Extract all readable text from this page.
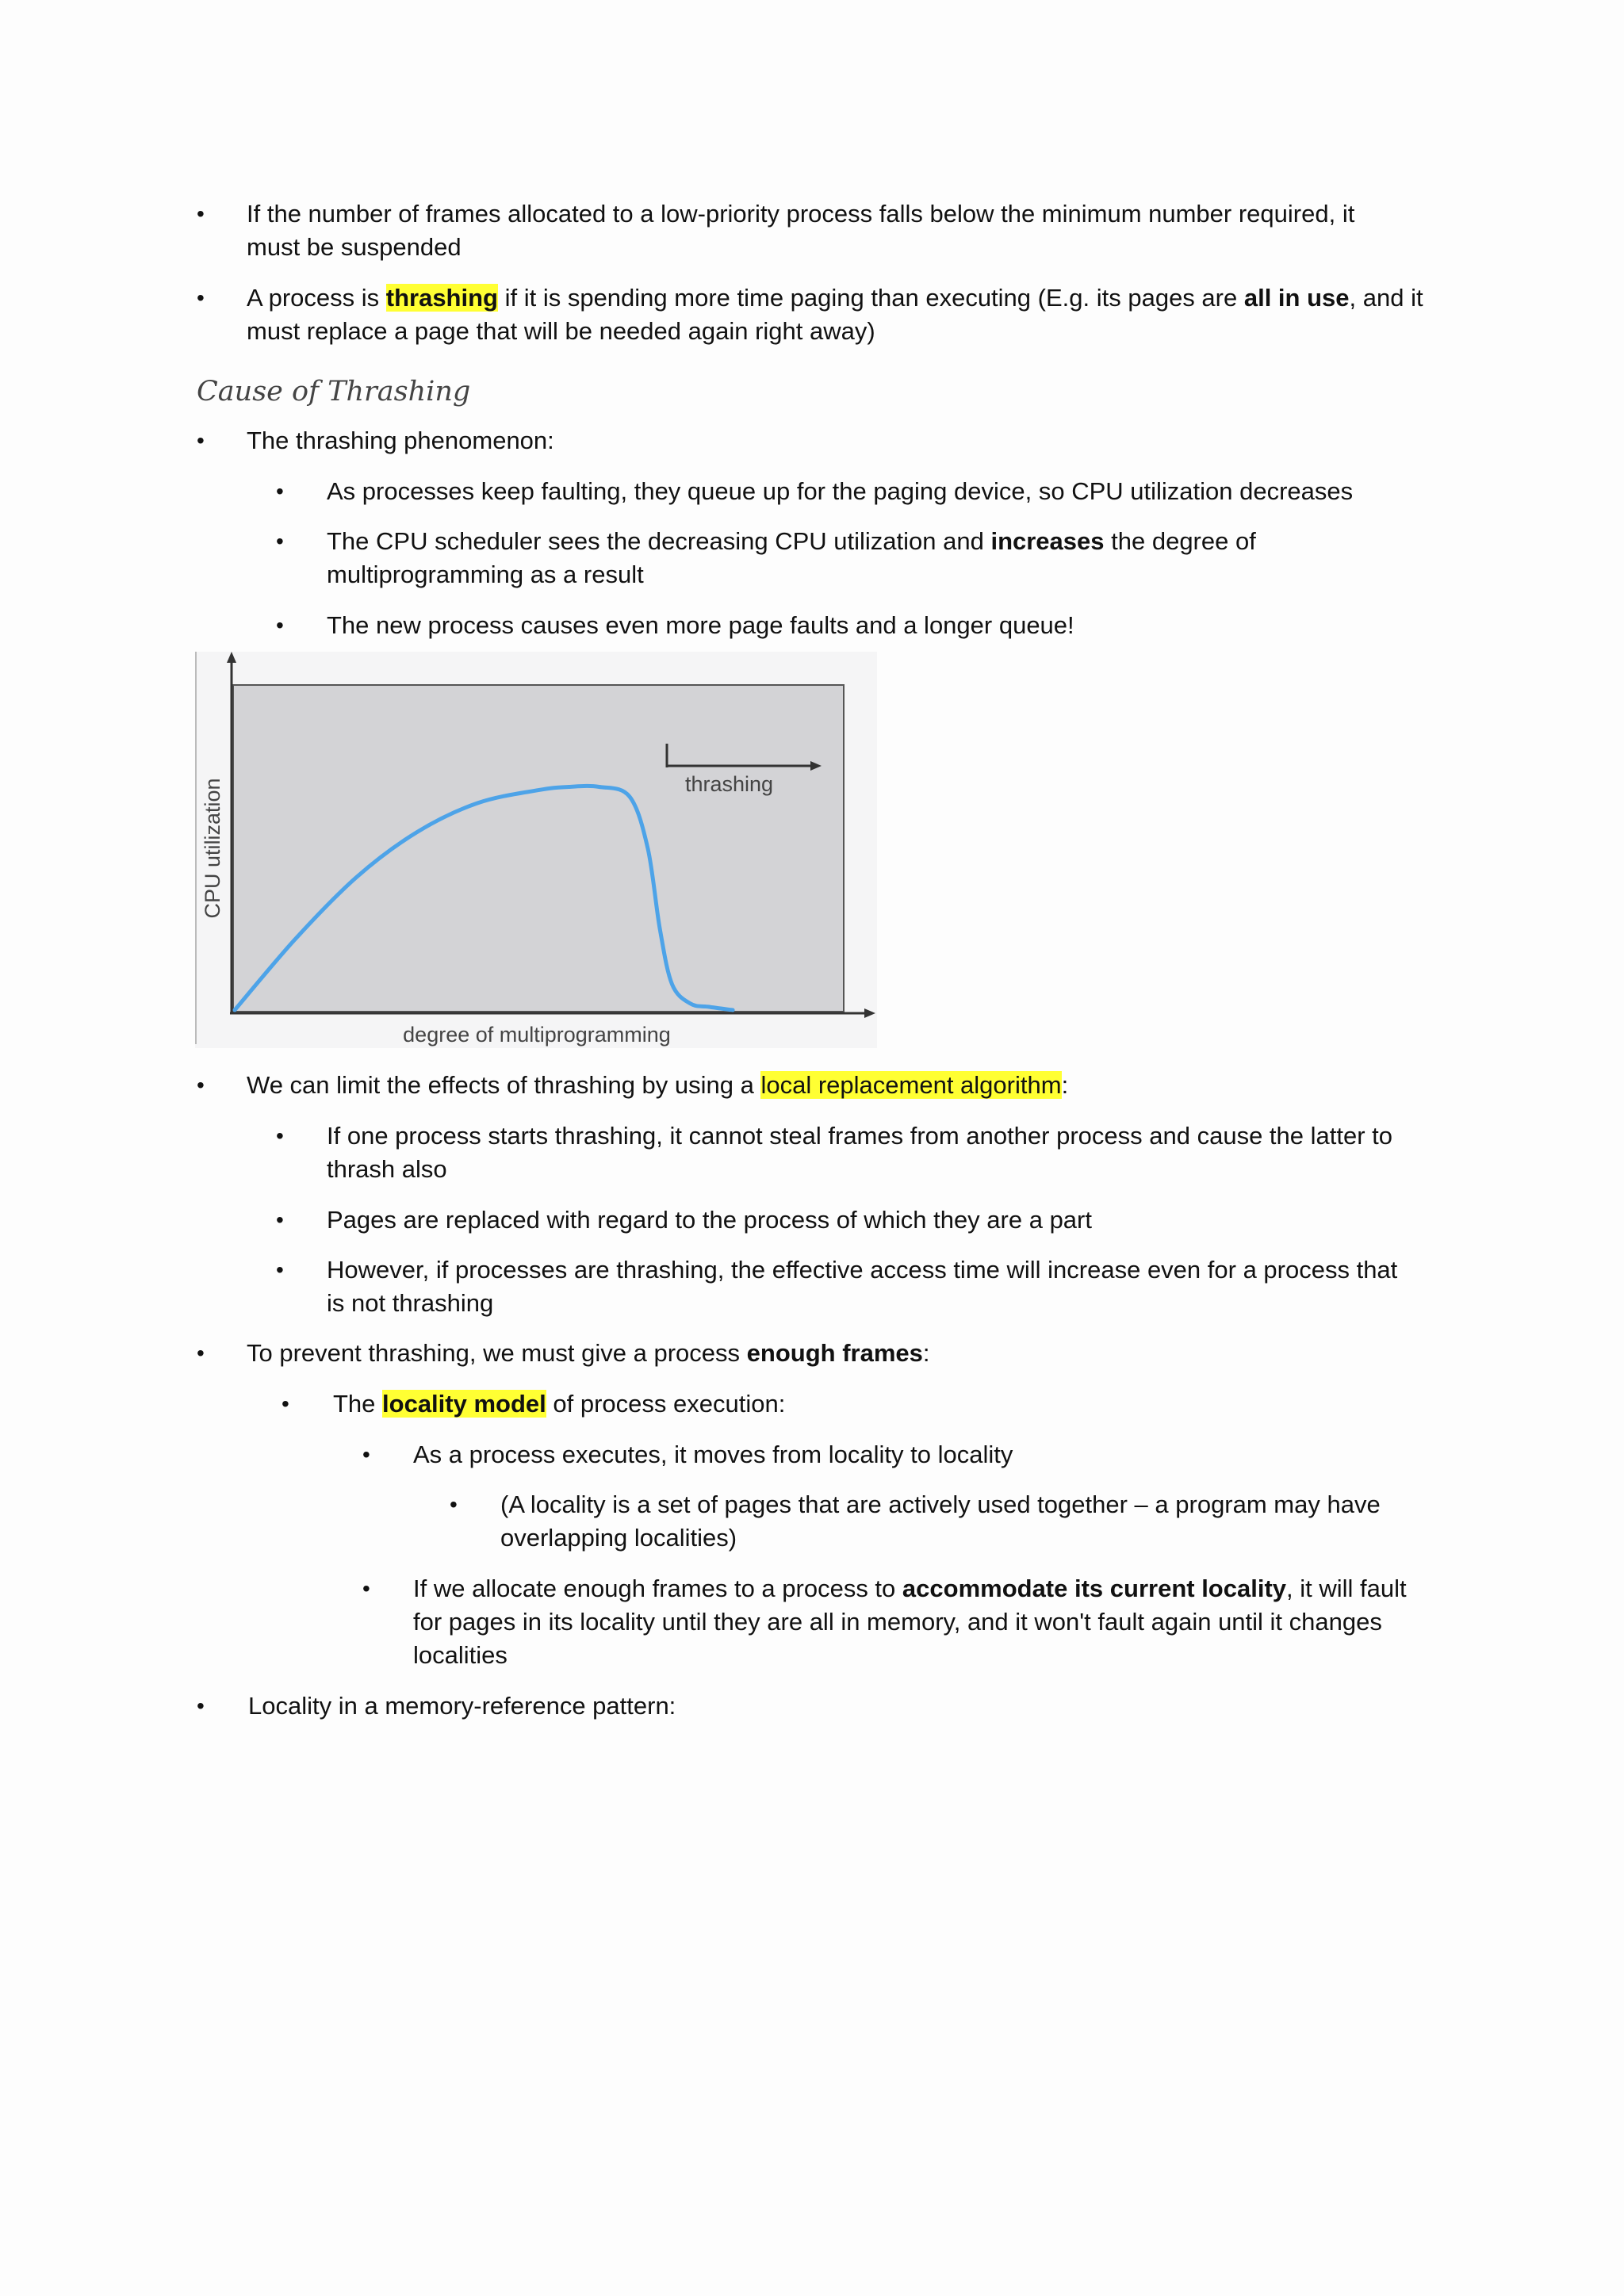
• If the number of frames allocated to a low-priority process falls below the minimum number required, it
must be suspended
• A process is thrashing if it is spending more time paging than executing (E.g. its pages are all in use, and it
must replace a page that will be needed again right away)
Cause of Thrashing
• The thrashing phenomenon:
• As processes keep faulting, they queue up for the paging device, so CPU utilization decreases
• The CPU scheduler sees the decreasing CPU utilization and increases the degree of
multiprogramming as a result
• The new process causes even more page faults and a longer queue!
thrashing
degree of multiprogramming
CPU utilization
• We can limit the effects of thrashing by using a local replacement algorithm:
• If one process starts thrashing, it cannot steal frames from another process and cause the latter to
thrash also
• Pages are replaced with regard to the process of which they are a part
• However, if processes are thrashing, the effective access time will increase even for a process that
is not thrashing
• To prevent thrashing, we must give a process enough frames:
• The locality model of process execution:
• As a process executes, it moves from locality to locality
• (A locality is a set of pages that are actively used together – a program may have
overlapping localities)
• If we allocate enough frames to a process to accommodate its current locality, it will fault
for pages in its locality until they are all in memory, and it won't fault again until it changes
localities
• Locality in a memory-reference pattern:
